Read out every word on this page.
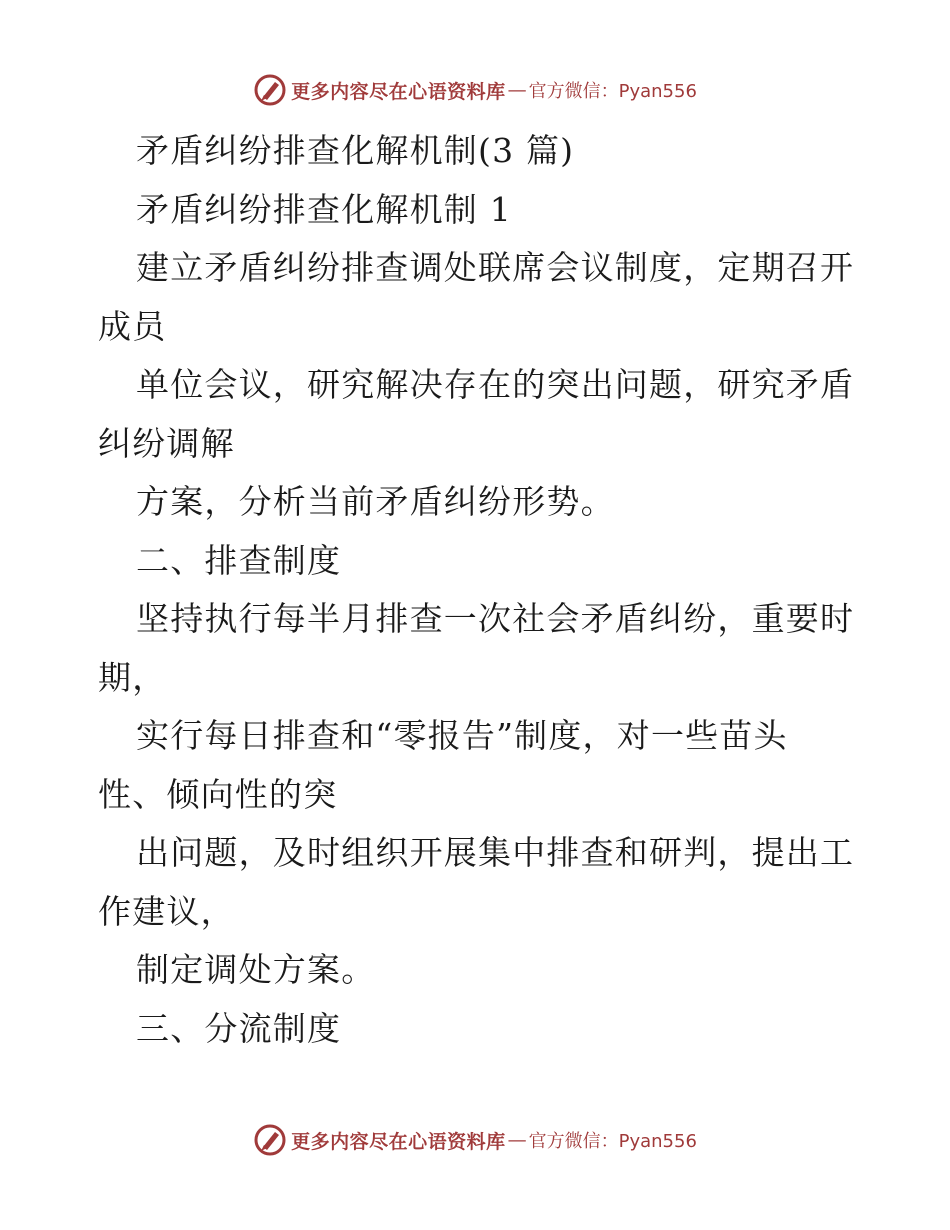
更多内容尽在心语资料库 — 官方微信：Pyan556
矛盾纠纷排查化解机制(3 篇)
矛盾纠纷排查化解机制 1
建立矛盾纠纷排查调处联席会议制度，定期召开
成员
单位会议，研究解决存在的突出问题，研究矛盾
纠纷调解
方案，分析当前矛盾纠纷形势。
二、排查制度
坚持执行每半月排查一次社会矛盾纠纷，重要时
期，
实行每日排查和“零报告”制度，对一些苗头
性、倾向性的突
出问题，及时组织开展集中排查和研判，提出工
作建议，
制定调处方案。
三、分流制度
更多内容尽在心语资料库 — 官方微信：Pyan556
